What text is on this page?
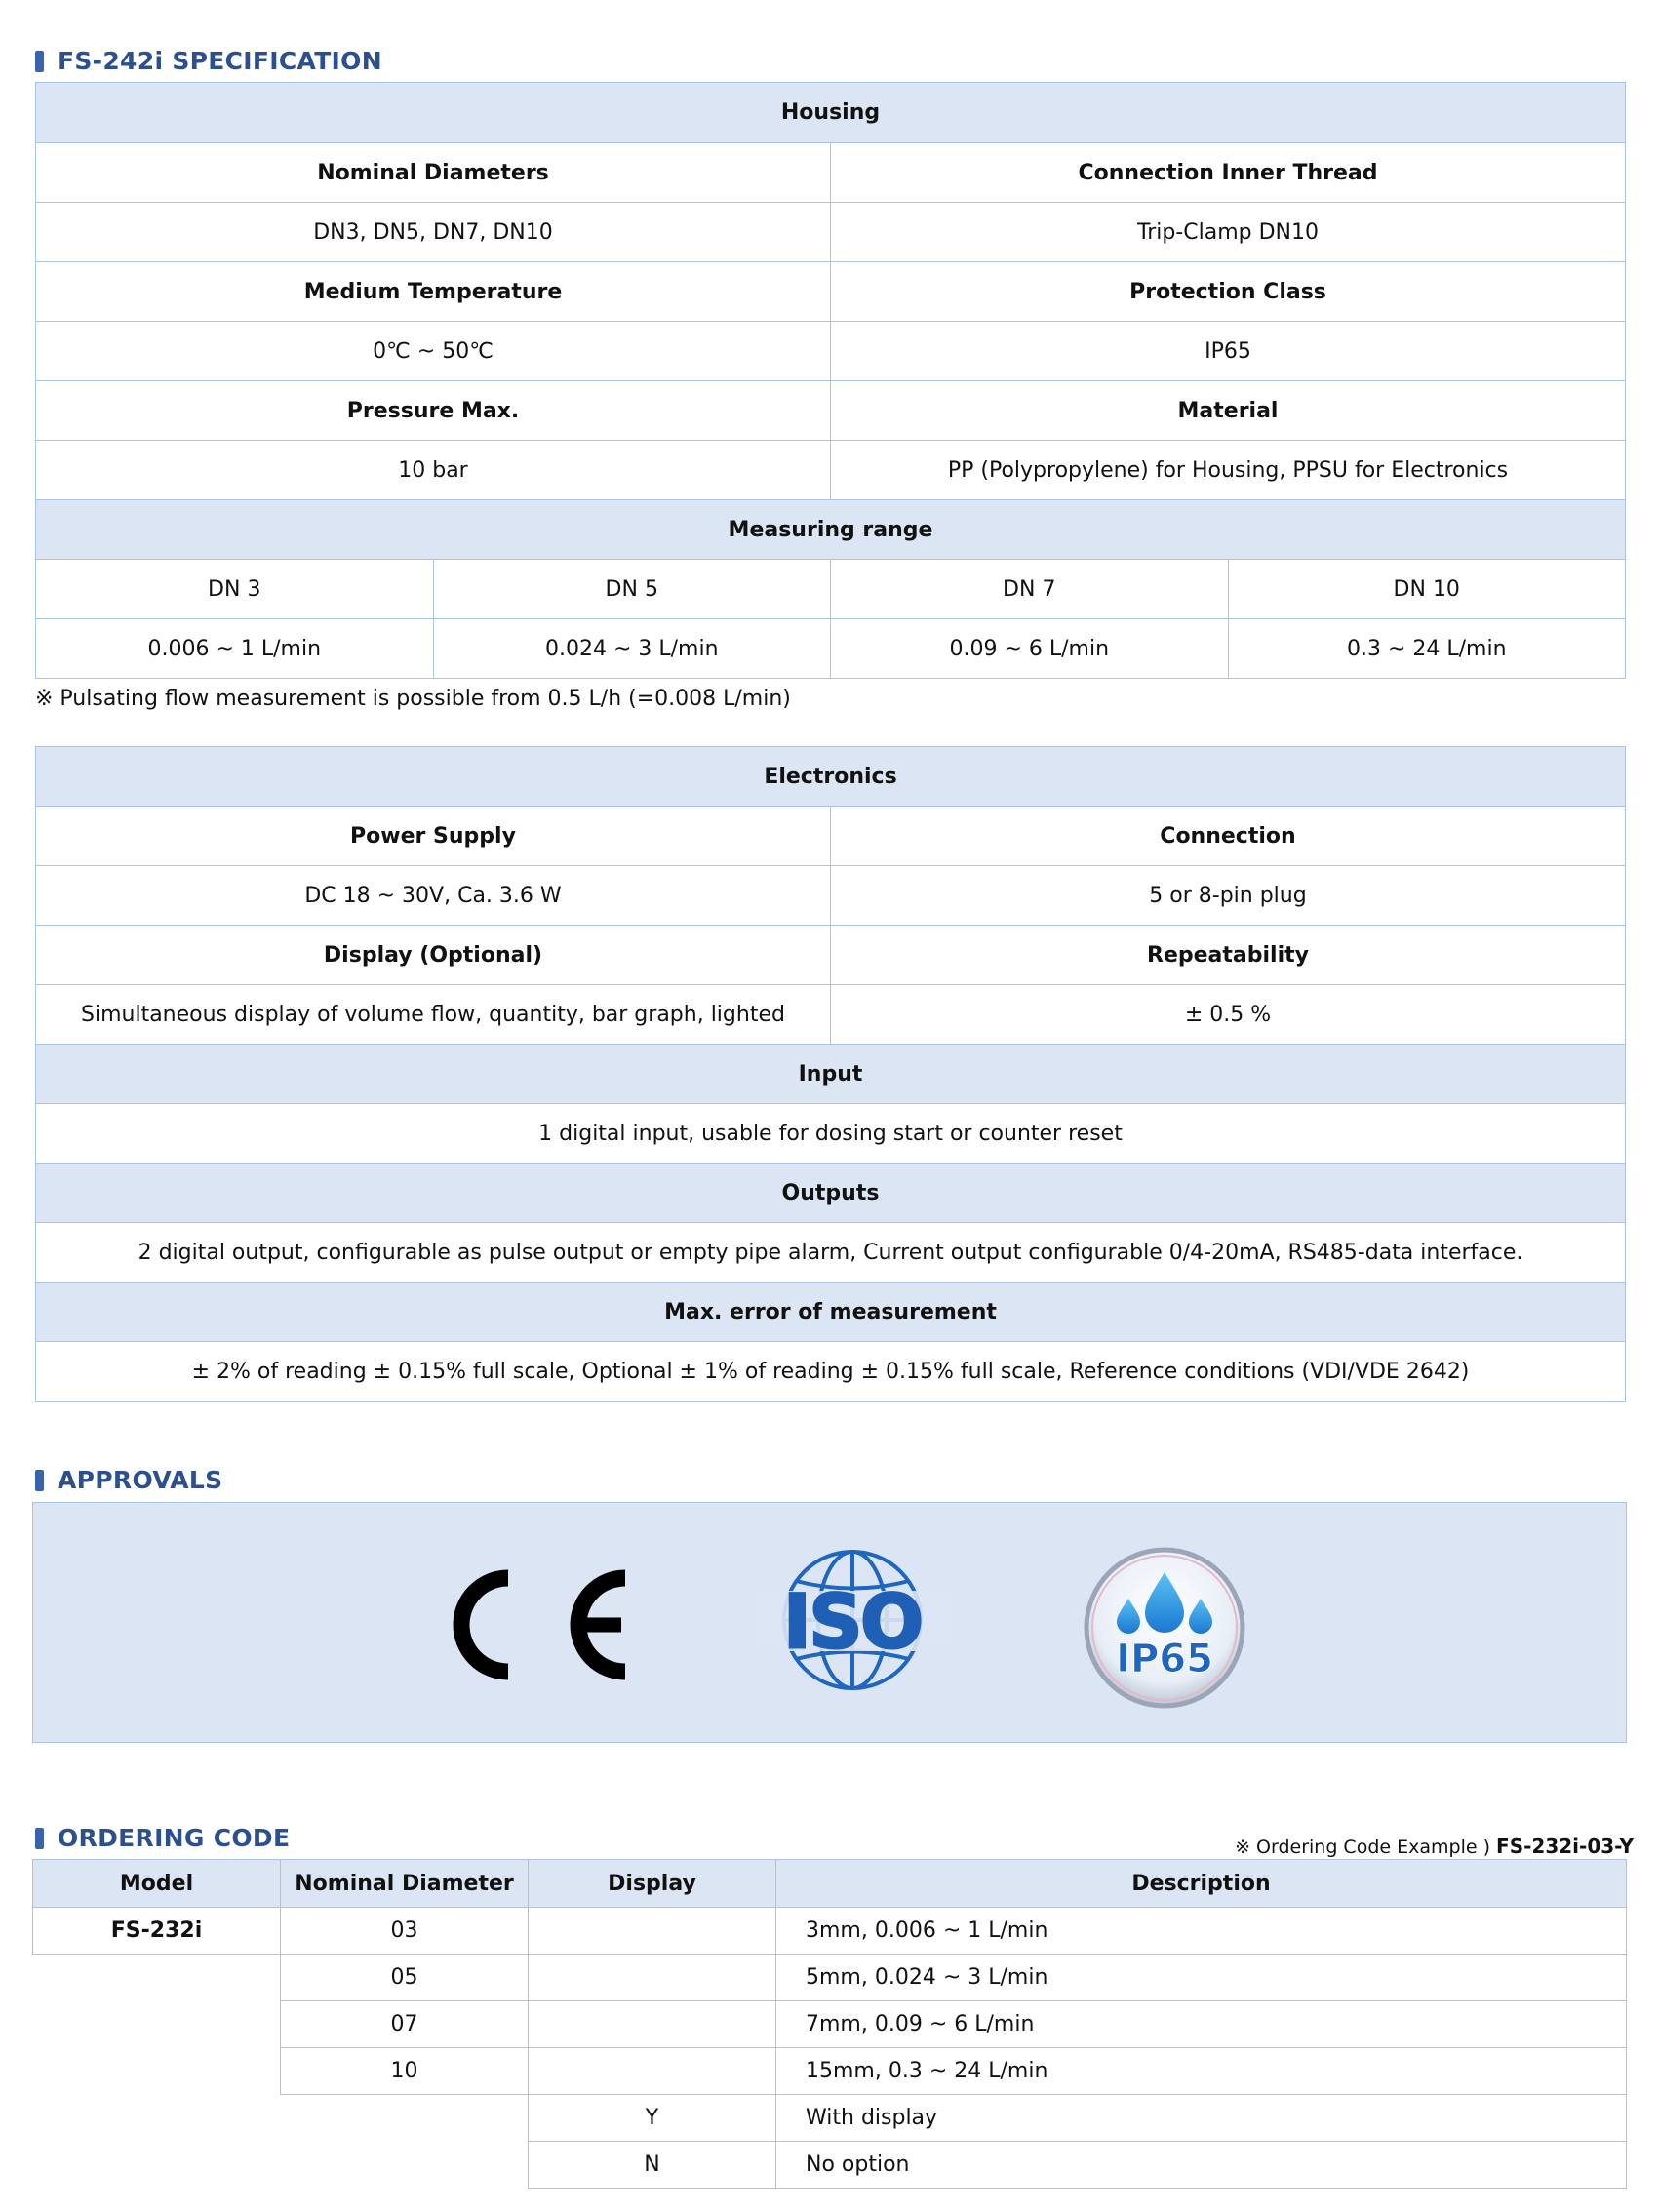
FS-242i SPECIFICATION
Housing			
Nominal Diameters		Connection Inner Thread	
DN3, DN5, DN7, DN10		Trip-Clamp DN10	
Medium Temperature		Protection Class	
0℃ ~ 50℃		IP65	
Pressure Max.		Material	
10 bar		PP (Polypropylene) for Housing, PPSU for Electronics	
Measuring range			
DN 3	DN 5	DN 7	DN 10
0.006 ~ 1 L/min	0.024 ~ 3 L/min	0.09 ~ 6 L/min	0.3 ~ 24 L/min
※ Pulsating flow measurement is possible from 0.5 L/h (=0.008 L/min)
Electronics	
Power Supply	Connection
DC 18 ~ 30V, Ca. 3.6 W	5 or 8-pin plug
Display (Optional)	Repeatability
Simultaneous display of volume flow, quantity, bar graph, lighted	± 0.5 %
Input	
1 digital input, usable for dosing start or counter reset	
Outputs	
2 digital output, configurable as pulse output or empty pipe alarm, Current output configurable 0/4-20mA, RS485-data interface.	
Max. error of measurement	
± 2% of reading ± 0.15% full scale, Optional ± 1% of reading ± 0.15% full scale, Reference conditions (VDI/VDE 2642)	
APPROVALS
ISO	IP65
ORDERING CODE	※ Ordering Code Example ) FS-232i-03-Y
Model	Nominal Diameter	Display	Description
FS-232i	03		3mm, 0.006 ~ 1 L/min
	05		5mm, 0.024 ~ 3 L/min
	07		7mm, 0.09 ~ 6 L/min
	10		15mm, 0.3 ~ 24 L/min
		Y	With display
		N	No option
